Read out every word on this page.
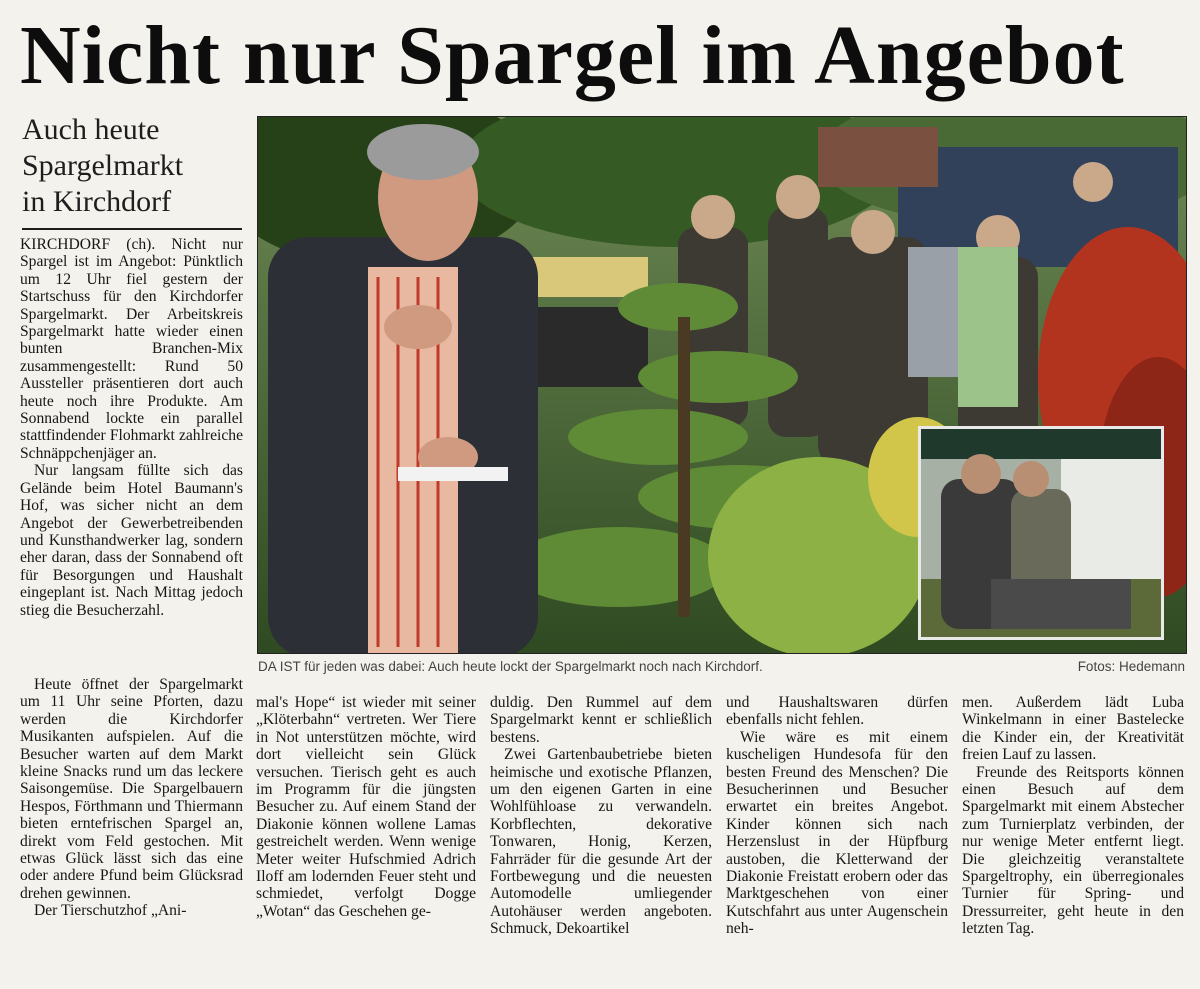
Nicht nur Spargel im Angebot
Auch heute
Spargelmarkt
in Kirchdorf

KIRCHDORF (ch). Nicht nur Spargel ist im Angebot: Pünktlich um 12 Uhr fiel gestern der Startschuss für den Kirchdorfer Spargelmarkt. Der Arbeitskreis Spargelmarkt hatte wieder einen bunten Branchen-Mix zusammengestellt: Rund 50 Aussteller präsentieren dort auch heute noch ihre Produkte. Am Sonnabend lockte ein parallel stattfindender Flohmarkt zahlreiche Schnäppchenjäger an.

Nur langsam füllte sich das Gelände beim Hotel Baumann's Hof, was sicher nicht an dem Angebot der Gewerbetreibenden und Kunsthandwerker lag, sondern eher daran, dass der Sonnabend oft für Besorgungen und Haushalt eingeplant ist. Nach Mittag jedoch stieg die Besucherzahl.

Heute öffnet der Spargelmarkt um 11 Uhr seine Pforten, dazu werden die Kirchdorfer Musikanten aufspielen. Auf die Besucher warten auf dem Markt kleine Snacks rund um das leckere Saisongemüse. Die Spargelbauern Hespos, Förthmann und Thiermann bieten erntefrischen Spargel an, direkt vom Feld gestochen. Mit etwas Glück lässt sich das eine oder andere Pfund beim Glücksrad drehen gewinnen.

Der Tierschutzhof „Ani-

DA IST für jeden was dabei: Auch heute lockt der Spargelmarkt noch nach Kirchdorf.	Fotos: Hedemann

mal's Hope“ ist wieder mit seiner „Klöterbahn“ vertreten. Wer Tiere in Not unterstützen möchte, wird dort vielleicht sein Glück versuchen. Tierisch geht es auch im Programm für die jüngsten Besucher zu. Auf einem Stand der Diakonie können wollene Lamas gestreichelt werden. Wenn wenige Meter weiter Hufschmied Adrich Iloff am lodernden Feuer steht und schmiedet, verfolgt Dogge „Wotan“ das Geschehen ge-

duldig. Den Rummel auf dem Spargelmarkt kennt er schließlich bestens.

Zwei Gartenbaubetriebe bieten heimische und exotische Pflanzen, um den eigenen Garten in eine Wohlfühloase zu verwandeln. Korbflechten, dekorative Tonwaren, Honig, Kerzen, Fahrräder für die gesunde Art der Fortbewegung und die neuesten Automodelle umliegender Autohäuser werden angeboten. Schmuck, Dekoartikel

und Haushaltswaren dürfen ebenfalls nicht fehlen.

Wie wäre es mit einem kuscheligen Hundesofa für den besten Freund des Menschen? Die Besucherinnen und Besucher erwartet ein breites Angebot. Kinder können sich nach Herzenslust in der Hüpfburg austoben, die Kletterwand der Diakonie Freistatt erobern oder das Marktgeschehen von einer Kutschfahrt aus unter Augenschein neh-

men. Außerdem lädt Luba Winkelmann in einer Bastelecke die Kinder ein, der Kreativität freien Lauf zu lassen.

Freunde des Reitsports können einen Besuch auf dem Spargelmarkt mit einem Abstecher zum Turnierplatz verbinden, der nur wenige Meter entfernt liegt. Die gleichzeitig veranstaltete Spargeltrophy, ein überregionales Turnier für Spring- und Dressurreiter, geht heute in den letzten Tag.
